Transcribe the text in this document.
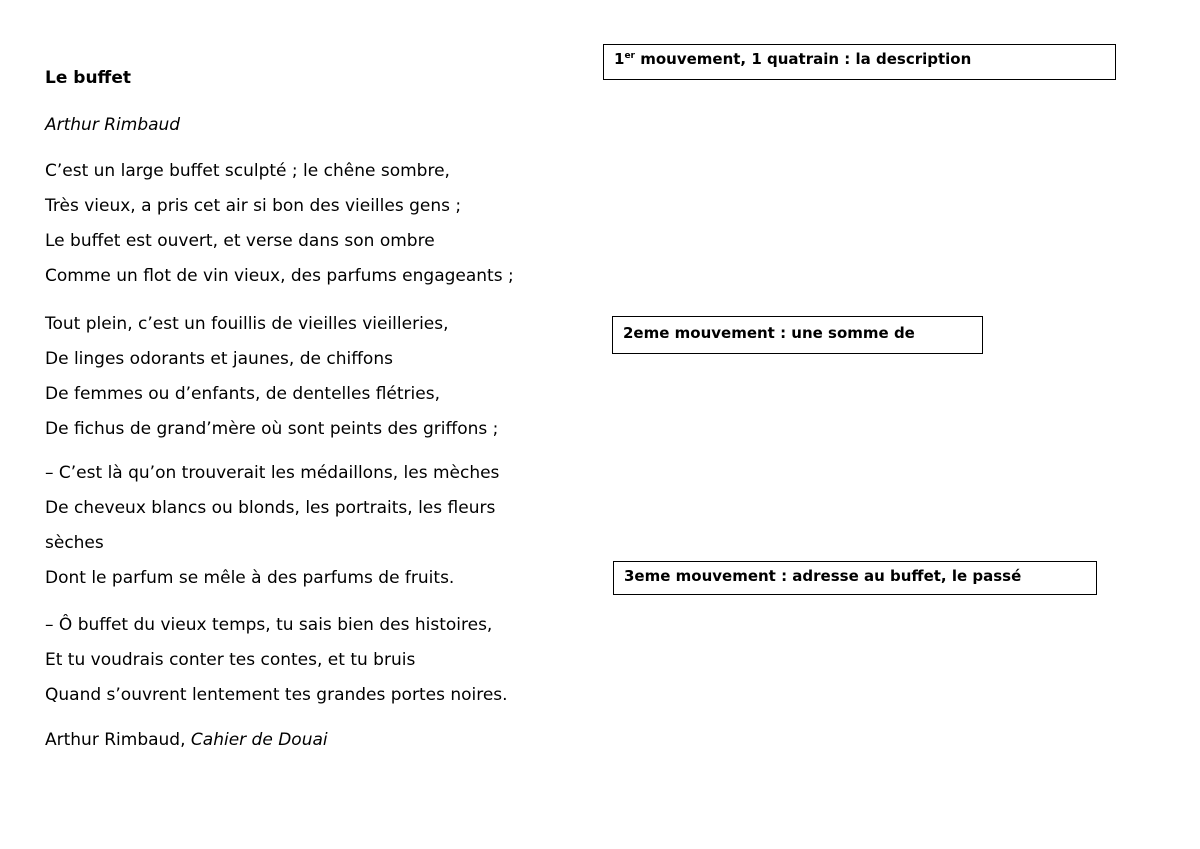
Le buffet

Arthur Rimbaud

C’est un large buffet sculpté ; le chêne sombre,
Très vieux, a pris cet air si bon des vieilles gens ;
Le buffet est ouvert, et verse dans son ombre
Comme un flot de vin vieux, des parfums engageants ;
Tout plein, c’est un fouillis de vieilles vieilleries,
De linges odorants et jaunes, de chiffons
De femmes ou d’enfants, de dentelles flétries,
De fichus de grand’mère où sont peints des griffons ;
– C’est là qu’on trouverait les médaillons, les mèches
De cheveux blancs ou blonds, les portraits, les fleurs
sèches
Dont le parfum se mêle à des parfums de fruits.
– Ô buffet du vieux temps, tu sais bien des histoires,
Et tu voudrais conter tes contes, et tu bruis
Quand s’ouvrent lentement tes grandes portes noires.

Arthur Rimbaud, Cahier de Douai

1er mouvement, 1 quatrain : la description
2eme mouvement : une somme de
3eme mouvement : adresse au buffet, le passé
